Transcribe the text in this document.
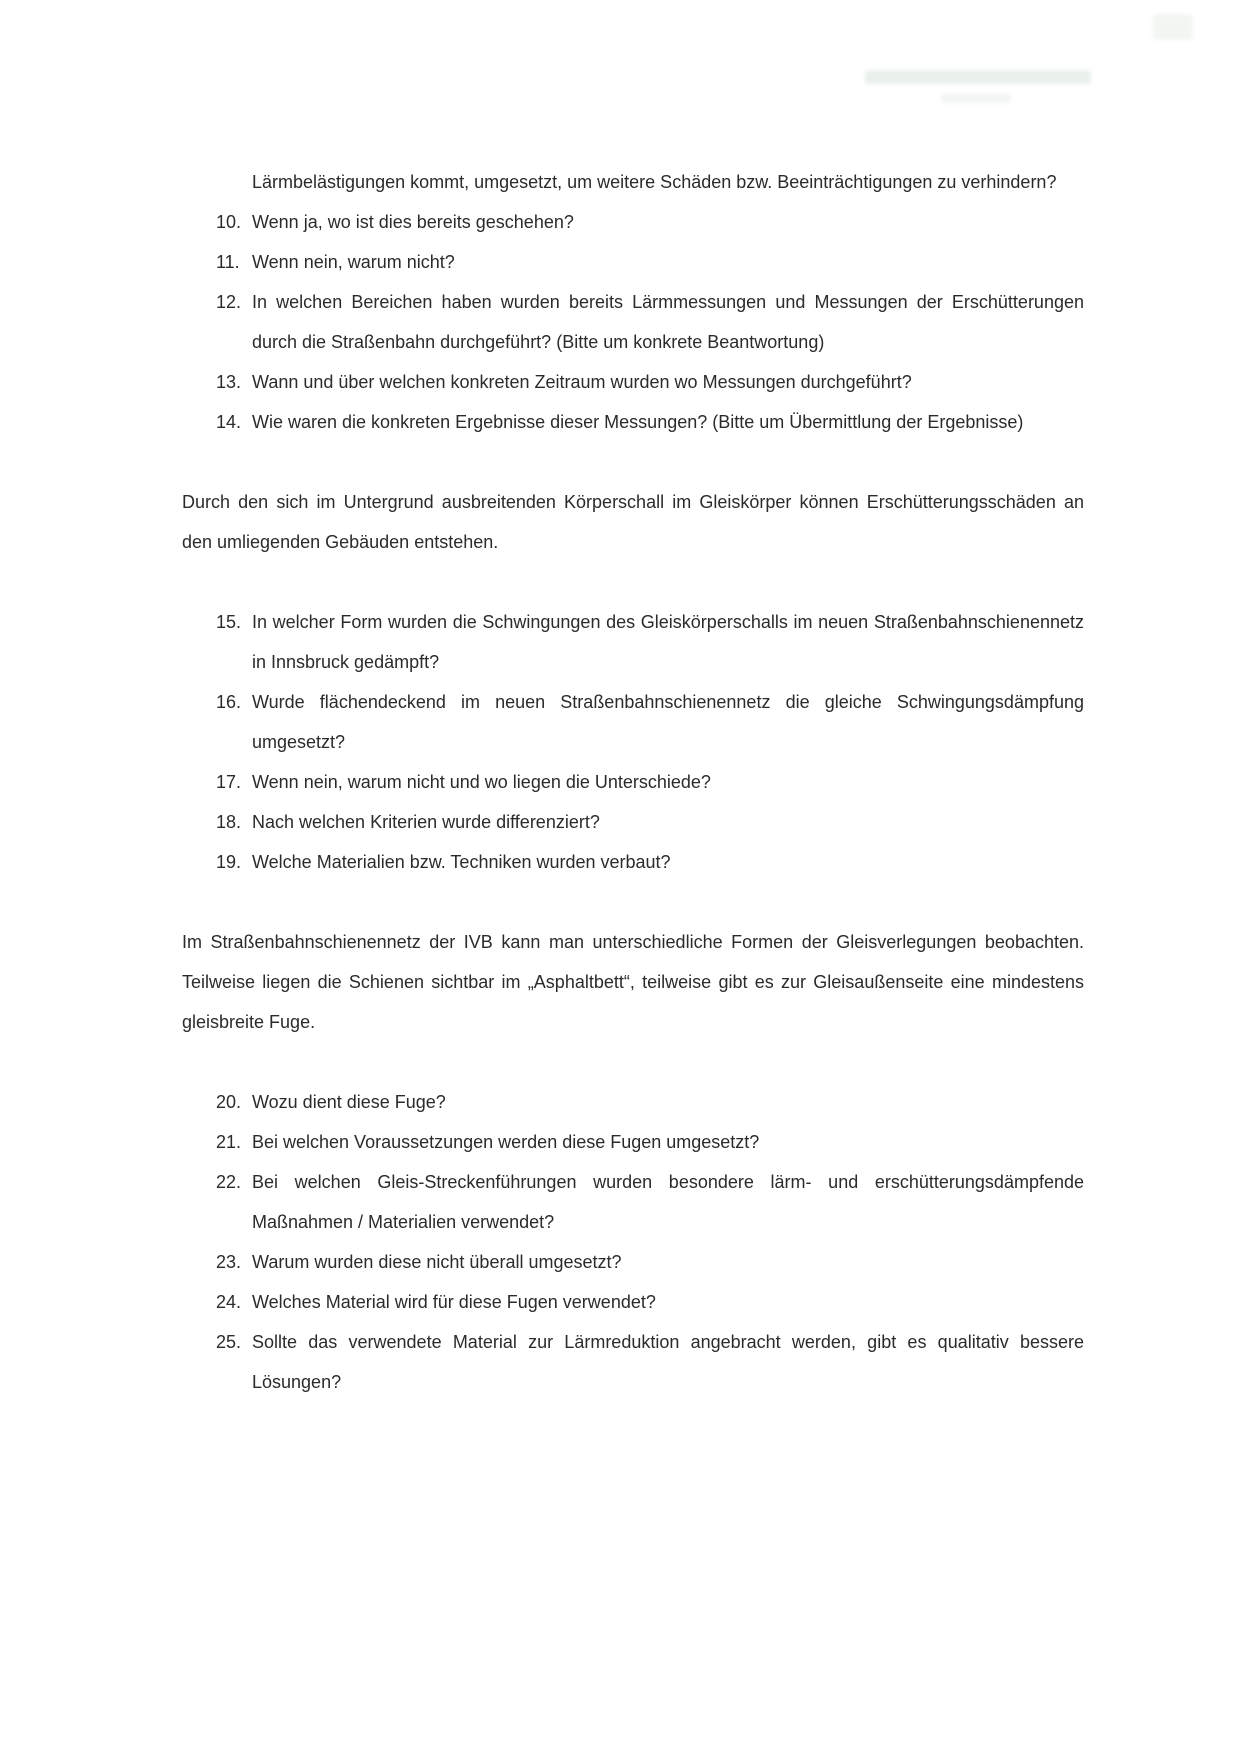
Lärmbelästigungen kommt, umgesetzt, um weitere Schäden bzw. Beeinträchtigungen zu verhindern?
10. Wenn ja, wo ist dies bereits geschehen?
11. Wenn nein, warum nicht?
12. In welchen Bereichen haben wurden bereits Lärmmessungen und Messungen der Erschütterungen durch die Straßenbahn durchgeführt? (Bitte um konkrete Beantwortung)
13. Wann und über welchen konkreten Zeitraum wurden wo Messungen durchgeführt?
14. Wie waren die konkreten Ergebnisse dieser Messungen? (Bitte um Übermittlung der Ergebnisse)

Durch den sich im Untergrund ausbreitenden Körperschall im Gleiskörper können Erschütterungsschäden an den umliegenden Gebäuden entstehen.

15. In welcher Form wurden die Schwingungen des Gleiskörperschalls im neuen Straßenbahnschienennetz in Innsbruck gedämpft?
16. Wurde flächendeckend im neuen Straßenbahnschienennetz die gleiche Schwingungsdämpfung umgesetzt?
17. Wenn nein, warum nicht und wo liegen die Unterschiede?
18. Nach welchen Kriterien wurde differenziert?
19. Welche Materialien bzw. Techniken wurden verbaut?

Im Straßenbahnschienennetz der IVB kann man unterschiedliche Formen der Gleisverlegungen beobachten. Teilweise liegen die Schienen sichtbar im „Asphaltbett“, teilweise gibt es zur Gleisaußenseite eine mindestens gleisbreite Fuge.

20. Wozu dient diese Fuge?
21. Bei welchen Voraussetzungen werden diese Fugen umgesetzt?
22. Bei welchen Gleis-Streckenführungen wurden besondere lärm- und erschütterungsdämpfende Maßnahmen / Materialien verwendet?
23. Warum wurden diese nicht überall umgesetzt?
24. Welches Material wird für diese Fugen verwendet?
25. Sollte das verwendete Material zur Lärmreduktion angebracht werden, gibt es qualitativ bessere Lösungen?
